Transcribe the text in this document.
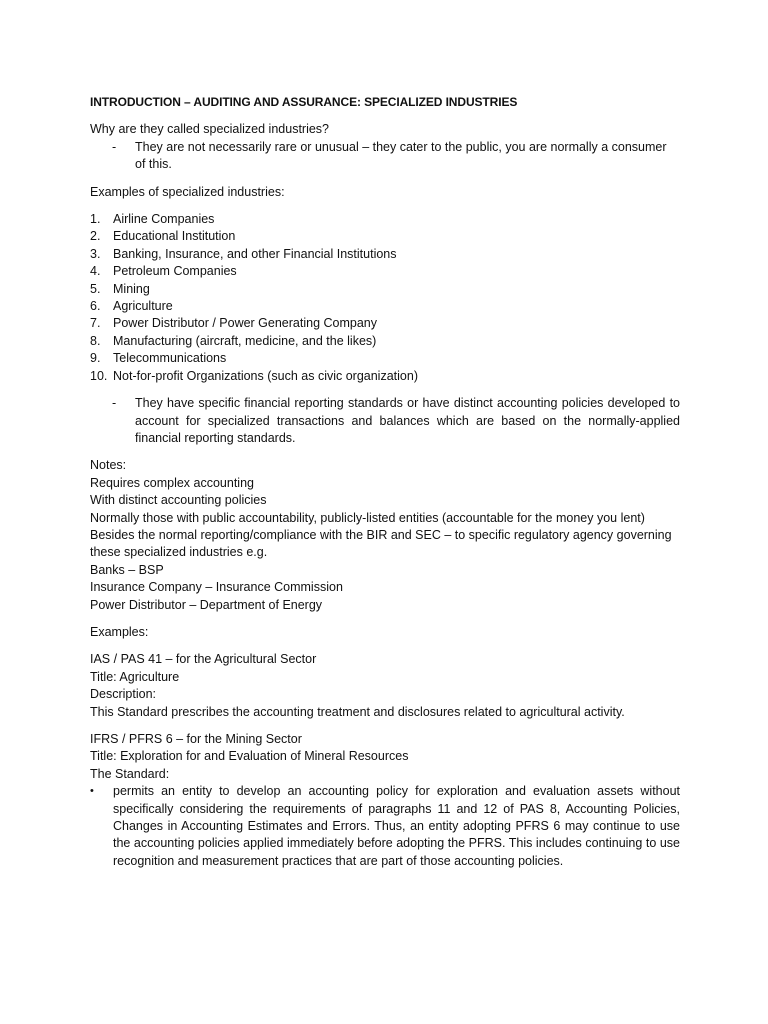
INTRODUCTION – AUDITING AND ASSURANCE: SPECIALIZED INDUSTRIES

Why are they called specialized industries?

-	They are not necessarily rare or unusual – they cater to the public, you are normally a consumer of this.

Examples of specialized industries:

1.	Airline Companies
2.	Educational Institution
3.	Banking, Insurance, and other Financial Institutions
4.	Petroleum Companies
5.	Mining
6.	Agriculture
7.	Power Distributor / Power Generating Company
8.	Manufacturing (aircraft, medicine, and the likes)
9.	Telecommunications
10. Not-for-profit Organizations (such as civic organization)
-	They have specific financial reporting standards or have distinct accounting policies developed to account for specialized transactions and balances which are based on the normally-applied financial reporting standards.

Notes:

Requires complex accounting

With distinct accounting policies

Normally those with public accountability, publicly-listed entities (accountable for the money you lent)

Besides the normal reporting/compliance with the BIR and SEC – to specific regulatory agency governing these specialized industries e.g.

Banks – BSP

Insurance Company – Insurance Commission

Power Distributor – Department of Energy

Examples:

IAS / PAS 41 – for the Agricultural Sector

Title: Agriculture

Description:

This Standard prescribes the accounting treatment and disclosures related to agricultural activity.

IFRS / PFRS 6 – for the Mining Sector

Title: Exploration for and Evaluation of Mineral Resources

The Standard:

•	permits an entity to develop an accounting policy for exploration and evaluation assets without specifically considering the requirements of paragraphs 11 and 12 of PAS 8, Accounting Policies, Changes in Accounting Estimates and Errors. Thus, an entity adopting PFRS 6 may continue to use the accounting policies applied immediately before adopting the PFRS. This includes continuing to use recognition and measurement practices that are part of those accounting policies.
